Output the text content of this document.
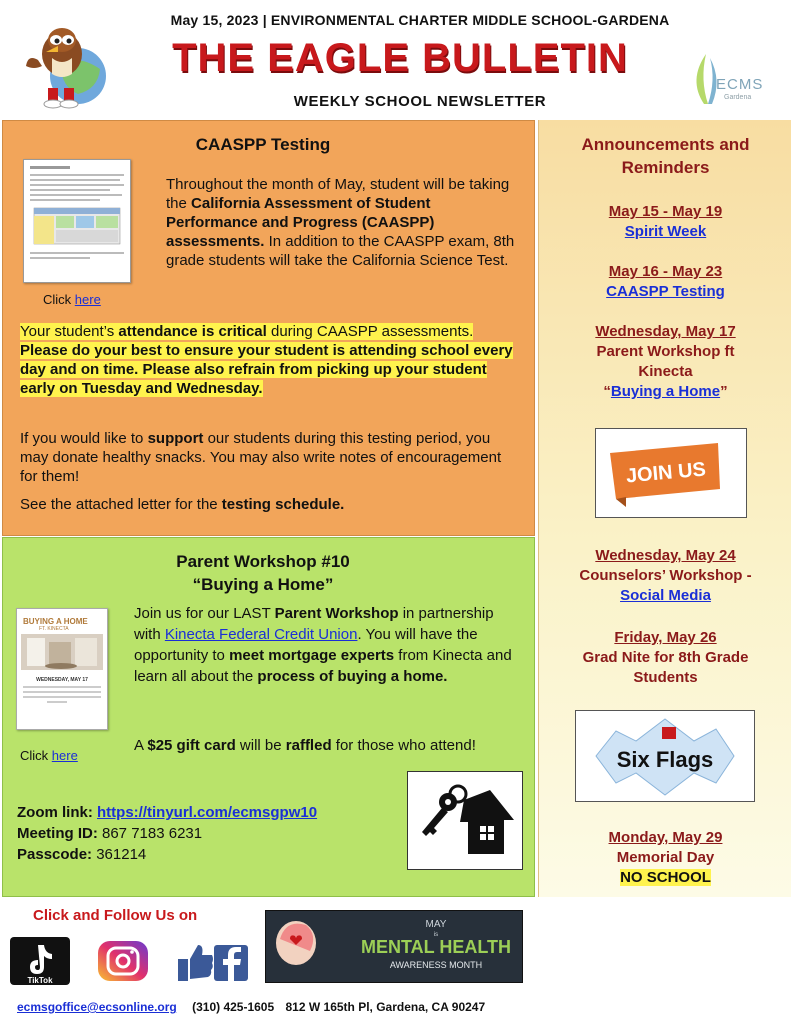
May 15, 2023 | ENVIRONMENTAL CHARTER MIDDLE SCHOOL-GARDENA
THE EAGLE BULLETIN
WEEKLY SCHOOL NEWSLETTER
ECMS
Gardena
CAASPP Testing
Throughout the month of May, student will be taking the California Assessment of Student Performance and Progress (CAASPP) assessments. In addition to the CAASPP exam, 8th grade students will take the California Science Test.
Click here
Your student’s attendance is critical during CAASPP assessments. Please do your best to ensure your student is attending school every day and on time. Please also refrain from picking up your student early on Tuesday and Wednesday.
If you would like to support our students during this testing period, you may donate healthy snacks. You may also write notes of encouragement for them!
See the attached letter for the testing schedule.
Parent Workshop #10
“Buying a Home”
BUYING A HOME
FT. KINECTA
WEDNESDAY, MAY 17
Join us for our LAST Parent Workshop in partnership with Kinecta Federal Credit Union. You will have the opportunity to meet mortgage experts from Kinecta and learn all about the process of buying a home.
Click here
A $25 gift card will be raffled for those who attend!
Zoom link: https://tinyurl.com/ecmsgpw10
Meeting ID: 867 7183 6231
Passcode: 361214
Announcements and Reminders
May 15 - May 19
Spirit Week
May 16 - May 23
CAASPP Testing
Wednesday, May 17
Parent Workshop ft
Kinecta
“Buying a Home”
JOIN US
Wednesday, May 24
Counselors’ Workshop -
Social Media
Friday, May 26
Grad Nite for 8th Grade
Students
Six Flags
Monday, May 29
Memorial Day
NO SCHOOL
Click and Follow Us on
TikTok
MAY
is
MENTAL HEALTH
AWARENESS MONTH
ecmsgoffice@ecsonline.org (310) 425-1605 812 W 165th Pl, Gardena, CA 90247
